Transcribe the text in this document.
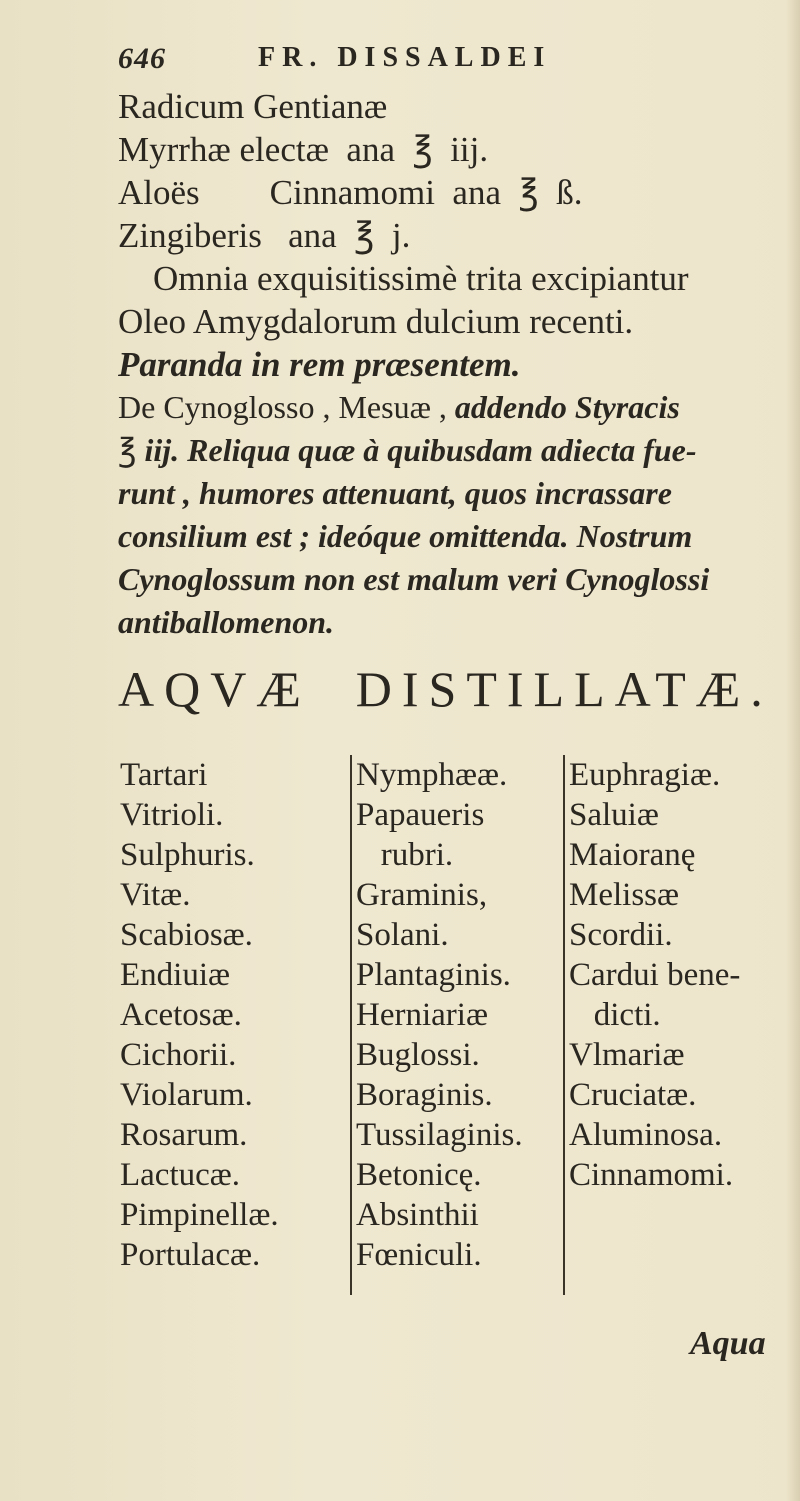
646	FR. DISSALDEI
Radicum Gentianæ
Myrrhæ electæ  ana  ℥  iij.
Aloës        Cinnamomi  ana  ℥  ß.
Zingiberis   ana  ℥  j.
Omnia exquisitissimè trita excipiantur
Oleo Amygdalorum dulcium recenti.
Paranda in rem præsentem.
De Cynoglosso , Mesuæ , addendo Styracis
℥ iij. Reliqua quæ à quibusdam adiecta fue-
runt , humores attenuant, quos incrassare
consilium est ; ideóque omittenda. Nostrum
Cynoglossum non est malum veri Cynoglossi
antiballomenon.
AQVÆ  DISTILLATÆ.
Tartari
Vitrioli.
Sulphuris.
Vitæ.
Scabiosæ.
Endiuiæ
Acetosæ.
Cichorii.
Violarum.
Rosarum.
Lactucæ.
Pimpinellæ.
Portulacæ.
Nymphææ.
Papaueris
rubri.
Graminis,
Solani.
Plantaginis.
Herniariæ
Buglossi.
Boraginis.
Tussilaginis.
Betonicę.
Absinthii
Fœniculi.
Euphragiæ.
Saluiæ
Maioranę
Melissæ
Scordii.
Cardui bene-
dicti.
Vlmariæ
Cruciatæ.
Aluminosa.
Cinnamomi.
Aqua
